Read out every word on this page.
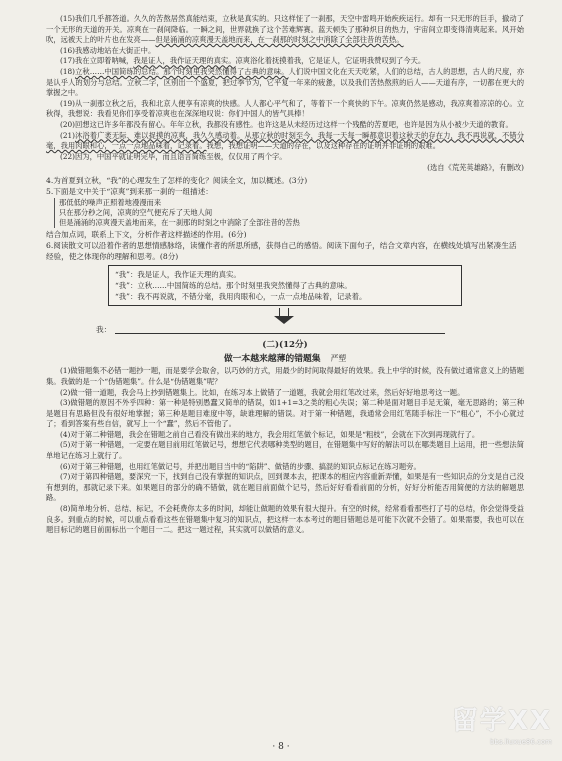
(15)我们几乎都答道。久久的苦熬居然真能结束，立秋是真实的。只这样怔了一刹那，天空中雷鸣开始疾疾运行。却有一只无形的巨手，撤动了一个无形的天道的开关。凉爽在一刹间降临。一瞬之间，世界就换了这个苦难辉赛。蓝天顿失了那种炽目的热力，宇宙间立即变得清爽起来。风开始吹，远被天上的叶片也在发亮——但是涌涌的凉爽漫天盖地而来，在一刹那的时刻之中消除了全部往昔的苦热。

(16)我感动地站在大街正中。

(17)我在立即着呐喊，我是证人，我作证天理的真实。凉爽浴化着抚摸着我，它是证人，它证明我赞叹到了今天。

(18)立秋……中国简练的总结。那个时刻里我突然懂得了古典的意味。人们说中国文化在天天吃紧，人们的总结，古人的思想，古人的尺度，亦是认乎人的划分与总结。立秋二字，区别出一个盛夏，把过季节为，它平复一年来的疲惫，以及我们苦热熬煎的后人——天道有序，一切都在更大的掌握之中。

(19)从一刹那立秋之后，我和北京人便享有凉爽的快感。人人都心平气和了，等着下一个爽快的下午。凉爽仍然是感动，我凉爽着凉凉的心。立秋得，我想说：我看见你们享受着凉爽也在深深地叹说：你们中国人的皆气具棒！

(20)回想这已许多年都没有留心。年年立秋，我都没有感性。也许这是从未经历过这样一个残酷的苦夏吧，也许是因为从小被少天道的教育。

(21)沐浴着广袤无际、难以捉摸的凉爽，我久久感动着。从那立秋的时刻至今，我每一天每一瞬都意识着这秋天的存在力，我不再说就，不错分毫，我用肉眼和心，一点一点地品味着，记录着。我想，我想证明——天道的存在，以及这种存在的证明并非证明的艰难。

(22)因为，中国平就证明完毕，而且语言简练至极，仅仅用了两个字。

(选自《荒芜英雄路》，有删改)

4.为首夏到立秋，“我”的心理发生了怎样的变化？阅读全文，加以概述。(3分)

5.下面是文中关于“凉爽”到来那一刹的一组描述：

那低低的噪声正照着地漫漫而来
只在那分秒之间，凉爽的空气便充斥了天地人间
但是涌涌的凉爽漫天盖地而来，在一刹那的时刻之中消除了全部往昔的苦热

结合加点词，联系上下文，分析作者这样描述的作用。(6分)

6.阅读散文可以沿着作者的思想情感脉络，读懂作者的所思所感，获得自己的感悟。阅读下面句子，结合文章内容，在横线处填写出紧凑生活经验，使之体现你的理解和思考。(8分)

“我”：我是证人，我作证天理的真实。
“我”：立秋……中国简练的总结。那个时刻里我突然懂得了古典的意味。
“我”：我不再说就，不错分毫，我用肉眼和心，一点一点地品味着，记录着。
我：
(二)(12分)
做一本越来越薄的错题集 严塑

(1)做错题集不必错一题抄一题，而是要学会取舍，以巧妙的方式，用最少的时间取得最好的效果。我上中学的时候，没有做过通常意义上的错题集。我做的是一个“伪错题集”。什么是“伪错题集”呢？

(2)做一错一道题，我会马上抄到错题集上。比如，在练习本上做错了一道题，我就会用红笔改过来，然后好好地思考这一题。

(3)做错题的原因不外乎四种：第一种是特别愚蠢又简单的错误，如1+1=3之类的粗心失误；第二种是面对题目手足无策，毫无思路的；第三种是题目有思路但没有很好地掌握；第三种是题目难度中等，缺谁理解的错误。对于第一种错题，我通常会用红笔随手标注一下“粗心”，不小心就过了；看到答案有些自信，就写上一个“蠢”，然后不管他了。

(4)对于第二种错题，我会在错题之前自己看没有做出来的地方，我会用红笔做个标记，如果是“粗枝”，会就在下次到再现就行了。

(5)对于第一种错题，一定要在题目前用红笔做记号，想想它代表哪种类型的题目，在错题集中写好的解法可以在哪类题目上运用，把一些想法简单地记在练习上就行了。

(6)对于第三种错题，也用红笔做记号，并把出题目当中的“陷阱”、做错的步骤、搞混的知识点标记在练习题旁。

(7)对于第四种错题，要深究一下，找到自己没有掌握的知识点，回到课本去，把课本的相应内容重新弄懂，如果是有一些知识点的分支是自己没有想到的，那就记录下来。如果题目的部分的确不错做，就在题目前面做个记号，然后好好看看前面的分析，好好分析能否用简便的方法的解题思路。

(8)简单地分析、总结、标记，不会耗费你太多的时间，却能让做题的效果有很大提升。有空的时候，经常看看那些打了号的总结，你会觉得受益良多。到重点的时候，可以重点看看这些在错题集中复习的知识点，把这样一本本考过的题目错题总是可能下次就不会错了。如果需要，我也可以在题目标记的题目前面标出一个题目一二。把这一题过程，其实就可以做错的意义。

· 8 ·
留学ⅩⅩ
bbs.liuxue86.com
